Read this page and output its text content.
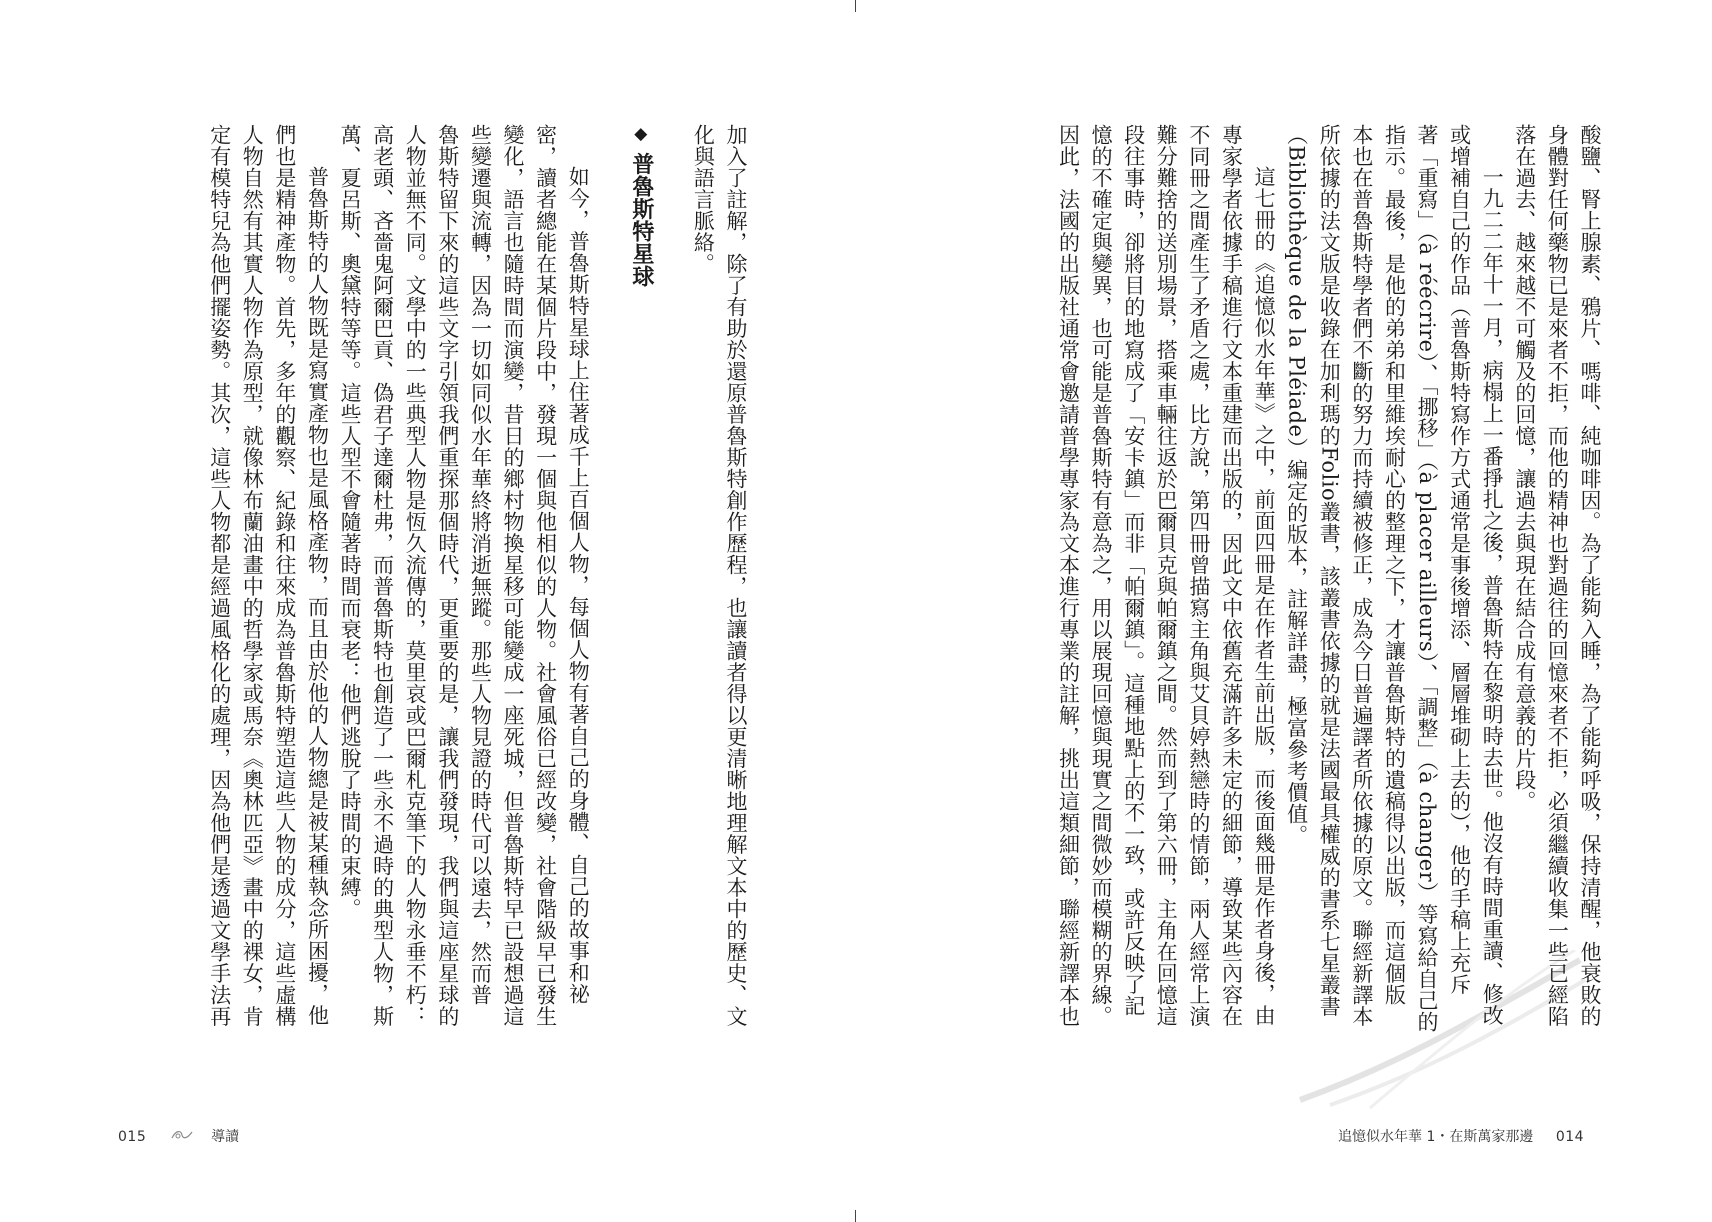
酸鹽、腎上腺素、鴉片、嗎啡、純咖啡因。為了能夠入睡，為了能夠呼吸，保持清醒，他衰敗的

身體對任何藥物已是來者不拒，而他的精神也對過往的回憶來者不拒，必須繼續收集一些已經陷

落在過去、越來越不可觸及的回憶，讓過去與現在結合成有意義的片段。

一九二二年十一月，病榻上一番掙扎之後，普魯斯特在黎明時去世。他沒有時間重讀、修改

或增補自己的作品（普魯斯特寫作方式通常是事後增添、層層堆砌上去的），他的手稿上充斥

著「重寫」（à réécrire）、「挪移」（à placer ailleurs）、「調整」（à changer）等寫給自己的

指示。最後，是他的弟弟和里維埃耐心的整理之下，才讓普魯斯特的遺稿得以出版，而這個版

本也在普魯斯特學者們不斷的努力而持續被修正，成為今日普遍譯者所依據的原文。聯經新譯本

所依據的法文版是收錄在加利瑪的Folio叢書，該叢書依據的就是法國最具權威的書系七星叢書

（Bibliothèque de la Pléiade）編定的版本，註解詳盡，極富參考價值。

這七冊的《追憶似水年華》之中，前面四冊是在作者生前出版，而後面幾冊是作者身後，由

專家學者依據手稿進行文本重建而出版的，因此文中依舊充滿許多未定的細節，導致某些內容在

不同冊之間產生了矛盾之處，比方說，第四冊曾描寫主角與艾貝婷熱戀時的情節，兩人經常上演

難分難捨的送別場景，搭乘車輛往返於巴爾貝克與帕爾鎮之間。然而到了第六冊，主角在回憶這

段往事時，卻將目的地寫成了「安卡鎮」而非「帕爾鎮」。這種地點上的不一致，或許反映了記

憶的不確定與變異，也可能是普魯斯特有意為之，用以展現回憶與現實之間微妙而模糊的界線。

因此，法國的出版社通常會邀請普學專家為文本進行專業的註解，挑出這類細節，聯經新譯本也

加入了註解，除了有助於還原普魯斯特創作歷程，也讓讀者得以更清晰地理解文本中的歷史、文

化與語言脈絡。

◆普魯斯特星球

如今，普魯斯特星球上住著成千上百個人物，每個人物有著自己的身體、自己的故事和祕

密，讀者總能在某個片段中，發現一個與他相似的人物。社會風俗已經改變，社會階級早已發生

變化，語言也隨時間而演變，昔日的鄉村物換星移可能變成一座死城，但普魯斯特早已設想過這

些變遷與流轉，因為一切如同似水年華終將消逝無蹤。那些人物見證的時代可以遠去，然而普

魯斯特留下來的這些文字引領我們重探那個時代，更重要的是，讓我們發現，我們與這座星球的

人物並無不同。文學中的一些典型人物是恆久流傳的，莫里哀或巴爾札克筆下的人物永垂不朽：

高老頭、吝嗇鬼阿爾巴貢、偽君子達爾杜弗，而普魯斯特也創造了一些永不過時的典型人物，斯

萬、夏呂斯、奧黛特等等。這些人型不會隨著時間而衰老：他們逃脫了時間的束縛。

普魯斯特的人物既是寫實產物也是風格產物，而且由於他的人物總是被某種執念所困擾，他

們也是精神產物。首先，多年的觀察、紀錄和往來成為普魯斯特塑造這些人物的成分，這些虛構

人物自然有其實人物作為原型，就像林布蘭油畫中的哲學家或馬奈《奧林匹亞》畫中的裸女，肯

定有模特兒為他們擺姿勢。其次，這些人物都是經過風格化的處理，因為他們是透過文學手法再

015	導讀	追憶似水年華 1・在斯萬家那邊 014
